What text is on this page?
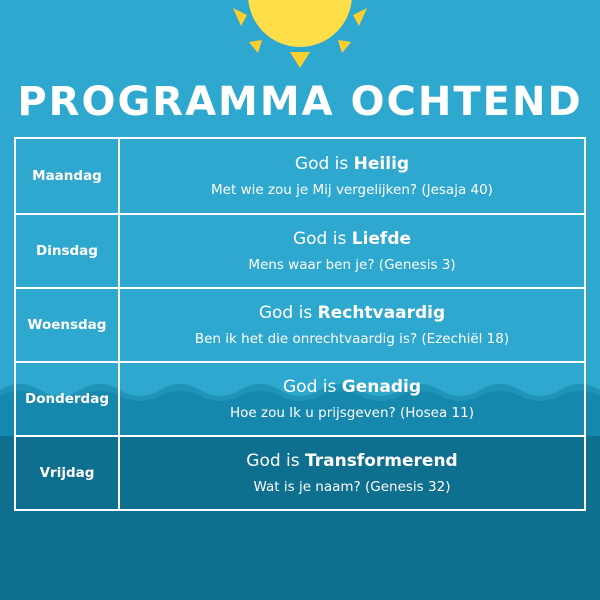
PROGRAMMA OCHTEND
Maandag
God is Heilig
Met wie zou je Mij vergelijken? (Jesaja 40)
Dinsdag
God is Liefde
Mens waar ben je? (Genesis 3)
Woensdag
God is Rechtvaardig
Ben ik het die onrechtvaardig is? (Ezechiël 18)
Donderdag
God is Genadig
Hoe zou Ik u prijsgeven? (Hosea 11)
Vrijdag
God is Transformerend
Wat is je naam? (Genesis 32)
